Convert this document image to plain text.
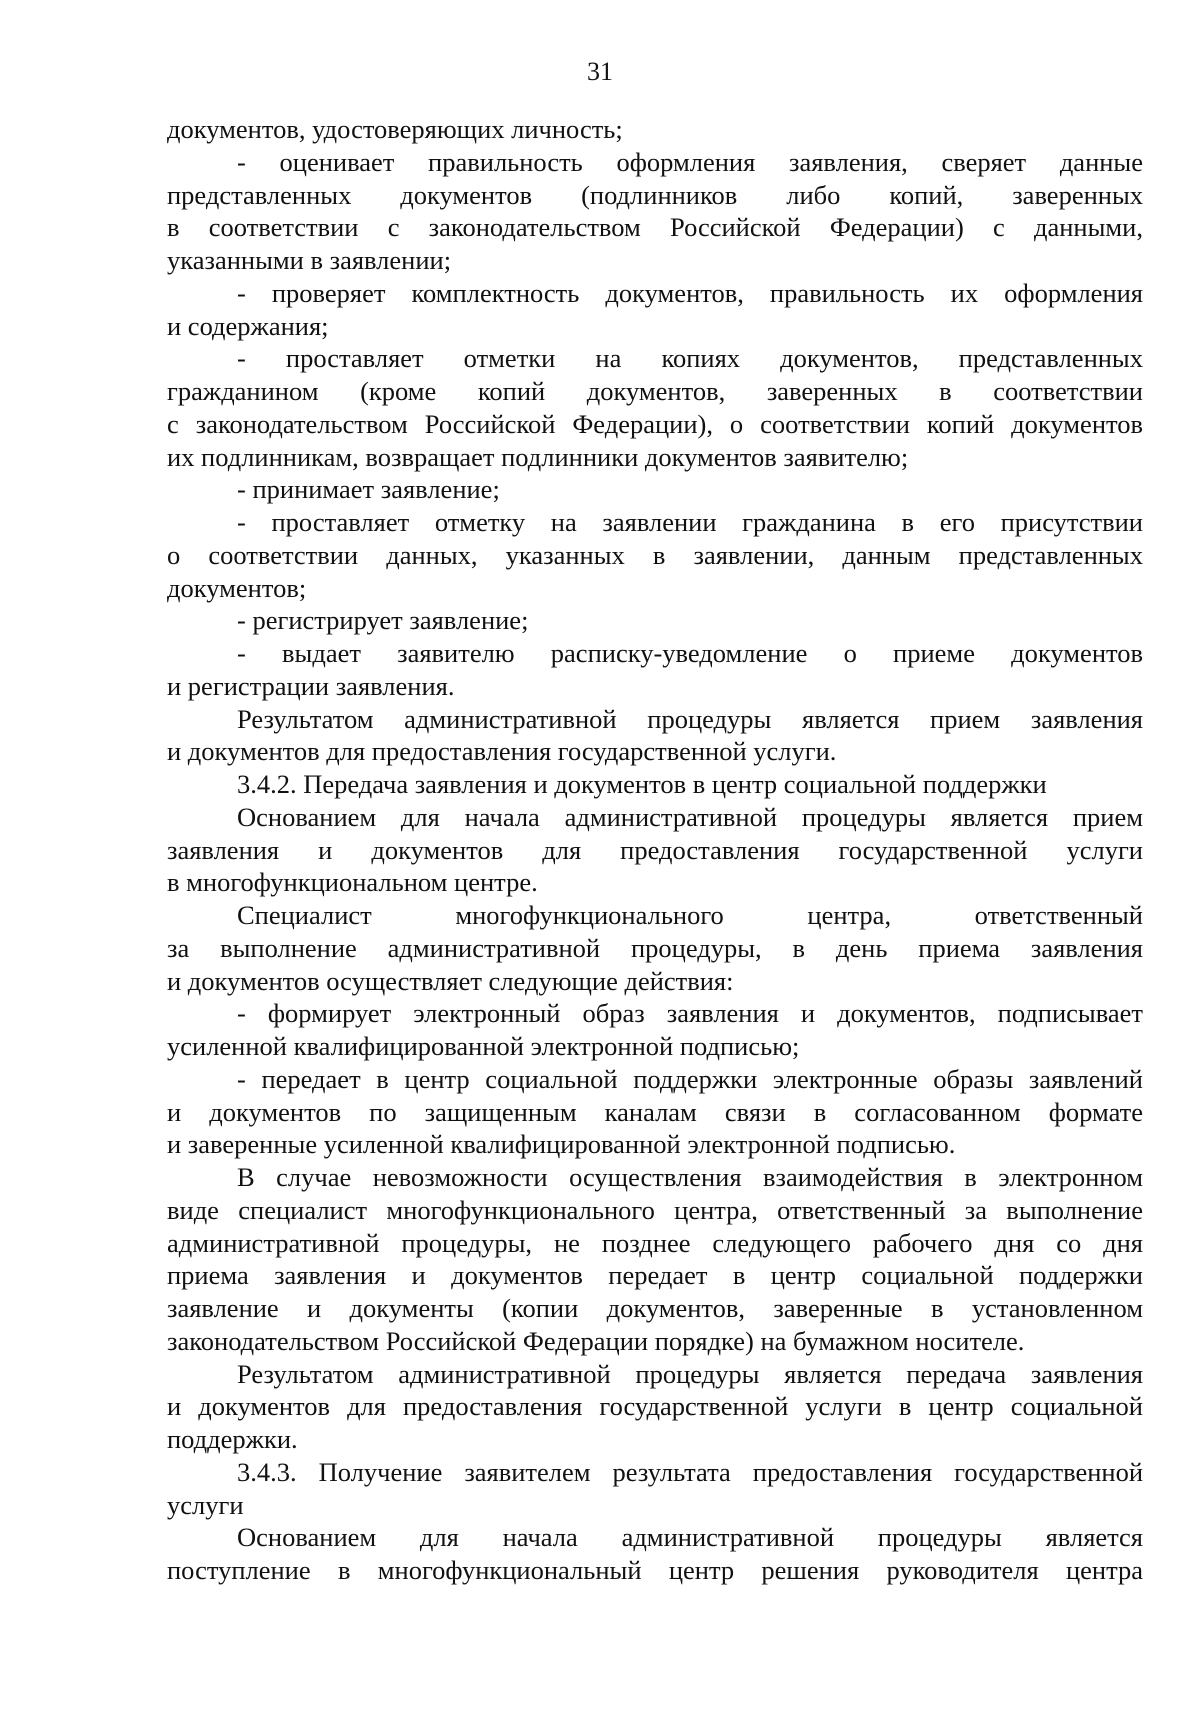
31
документов, удостоверяющих личность;
- оценивает правильность оформления заявления, сверяет данные
представленных документов (подлинников либо копий, заверенных
в соответствии с законодательством Российской Федерации) с данными,
указанными в заявлении;
- проверяет комплектность документов, правильность их оформления
и содержания;
- проставляет отметки на копиях документов, представленных
гражданином (кроме копий документов, заверенных в соответствии
с законодательством Российской Федерации), о соответствии копий документов
их подлинникам, возвращает подлинники документов заявителю;
- принимает заявление;
- проставляет отметку на заявлении гражданина в его присутствии
о соответствии данных, указанных в заявлении, данным представленных
документов;
- регистрирует заявление;
- выдает заявителю расписку-уведомление о приеме документов
и регистрации заявления.
Результатом административной процедуры является прием заявления
и документов для предоставления государственной услуги.
3.4.2. Передача заявления и документов в центр социальной поддержки
Основанием для начала административной процедуры является прием
заявления и документов для предоставления государственной услуги
в многофункциональном центре.
Специалист многофункционального центра, ответственный
за выполнение административной процедуры, в день приема заявления
и документов осуществляет следующие действия:
- формирует электронный образ заявления и документов, подписывает
усиленной квалифицированной электронной подписью;
- передает в центр социальной поддержки электронные образы заявлений
и документов по защищенным каналам связи в согласованном формате
и заверенные усиленной квалифицированной электронной подписью.
В случае невозможности осуществления взаимодействия в электронном
виде специалист многофункционального центра, ответственный за выполнение
административной процедуры, не позднее следующего рабочего дня со дня
приема заявления и документов передает в центр социальной поддержки
заявление и документы (копии документов, заверенные в установленном
законодательством Российской Федерации порядке) на бумажном носителе.
Результатом административной процедуры является передача заявления
и документов для предоставления государственной услуги в центр социальной
поддержки.
3.4.3. Получение заявителем результата предоставления государственной
услуги
Основанием для начала административной процедуры является
поступление в многофункциональный центр решения руководителя центра
